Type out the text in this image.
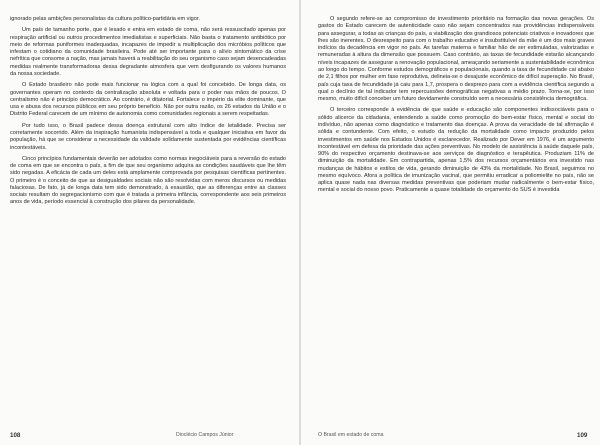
ignorado pelas ambições personalistas da cultura político-partidária em vigor.

Um país de tamanho porte, que é lesado e entra em estado de coma, não será ressuscitado apenas por respiração artificial ou outros procedimentos imediatistas e superficiais. Não basta o tratamento antibiótico por meio de reformas puniformes inadequadas, incapazes de impedir a multiplicação dos micróbios políticos que infestam o cotidiano da comunidade brasileira. Pode até ser importante para o alívio sintomático da crise nefrítica que consome a nação, mas jamais haverá a reabilitação do seu organismo caso sejam desencadeadas medidas realmente transformadoras dessa degradante atmosfera que vem desfigurando os valores humanos da nossa sociedade.

O Estado brasileiro não pode mais funcionar na lógica com a qual foi concebido. De longa data, os governantes operam no contexto da centralização absoluta e voltada para o poder nas mãos de poucos. O centralismo não é princípio democrático. Ao contrário, é ditatorial. Fortalece o império da elite dominante, que usa e abusa dos recursos públicos em seu próprio benefício. Não por outra razão, os 26 estados da União e o Distrito Federal carecem de um mínimo de autonomia como comunidades regionais a serem respeitadas.

Por tudo isso, o Brasil padece dessa doença estrutural com alto índice de letalidade. Precisa ser corretamente socorrido. Além da inspiração humanista indispensável a toda e qualquer iniciativa em favor da população, há que se considerar a necessidade da validade solidamente sustentada por evidências científicas incontestáveis.

Cinco princípios fundamentais deverão ser adotados como normas inegociáveis para a reversão do estado de coma em que se encontra o país, a fim de que seu organismo adquira as condições saudáveis que lhe têm sido negadas. A eficácia de cada um deles está amplamente comprovada por pesquisas científicas pertinentes. O primeiro é o conceito de que as desigualdades sociais não são resolvidas com meros discursos ou medidas falaciosas. De fato, já de longa data tem sido demonstrado, à exaustão, que as diferenças entre as classes sociais resultam do segregacionismo com que é tratada a primeira infância, correspondente aos seis primeiros anos de vida, período essencial à construção dos pilares da personalidade.

108	Dioclécio Campos Júnior

O segundo refere-se ao compromisso de investimento prioritário na formação das novas gerações. Os gastos do Estado carecem de autenticidade caso não sejam concentrados nas providências indispensáveis para assegurar, a todas as crianças do país, a viabilização dos grandiosos potenciais criativos e inovadores que lhes são inerentes. O desrespeito para com o trabalho educativo e insubstituível da mãe é um dos mais graves indícios da decadência em vigor no país. As tarefas materna e familiar hão de ser estimuladas, valorizadas e remuneradas à altura da dimensão que possuem. Caso contrário, as taxas de fecundidade estarão alcançando níveis incapazes de assegurar a renovação populacional, ameaçando seriamente a sustentabilidade econômica ao longo do tempo. Conforme estudos demográficos e populacionais, quando a taxa de fecundidade cai abaixo de 2,1 filhos por mulher em fase reprodutiva, delineia-se o desajuste econômico de difícil superação. No Brasil, país cuja taxa de fecundidade já caiu para 1,7, prospera o desprezo para com a evidência científica segundo a qual o declínio de tal indicador tem repercussões demográficas negativas a médio prazo. Torna-se, por isso mesmo, muito difícil conceber um futuro devidamente construído sem a necessária consistência demográfica.

O terceiro corresponde à evidência de que saúde e educação são componentes indissociáveis para o sólido alicerce da cidadania, entendendo a saúde como promoção do bem-estar físico, mental e social do indivíduo, não apenas como diagnóstico e tratamento das doenças. A prova da veracidade de tal afirmação é sólida e contundente. Com efeito, o estudo da redução da mortalidade como impacto produzido pelos investimentos em saúde nos Estados Unidos é esclarecedor. Realizado por Dever em 1976, é um argumento incontestável em defesa da prioridade das ações preventivas. No modelo de assistência à saúde daquele país, 90% do respectivo orçamento destinava-se aos serviços de diagnóstico e terapêutica. Produziam 11% de diminuição da mortalidade. Em contrapartida, apenas 1,5% dos recursos orçamentários era investido nas mudanças de hábitos e estilos de vida, gerando diminuição de 43% da mortalidade. No Brasil, seguimos no mesmo equívoco. Afora a política de imunização vacinal, que permitiu erradicar a poliomielite no país, não se aplica quase nada nas diversas medidas preventivas que poderiam mudar radicalmente o bem-estar físico, mental e social do nosso povo. Praticamente a quase totalidade do orçamento do SUS é investida

O Brasil em estado de coma	109
